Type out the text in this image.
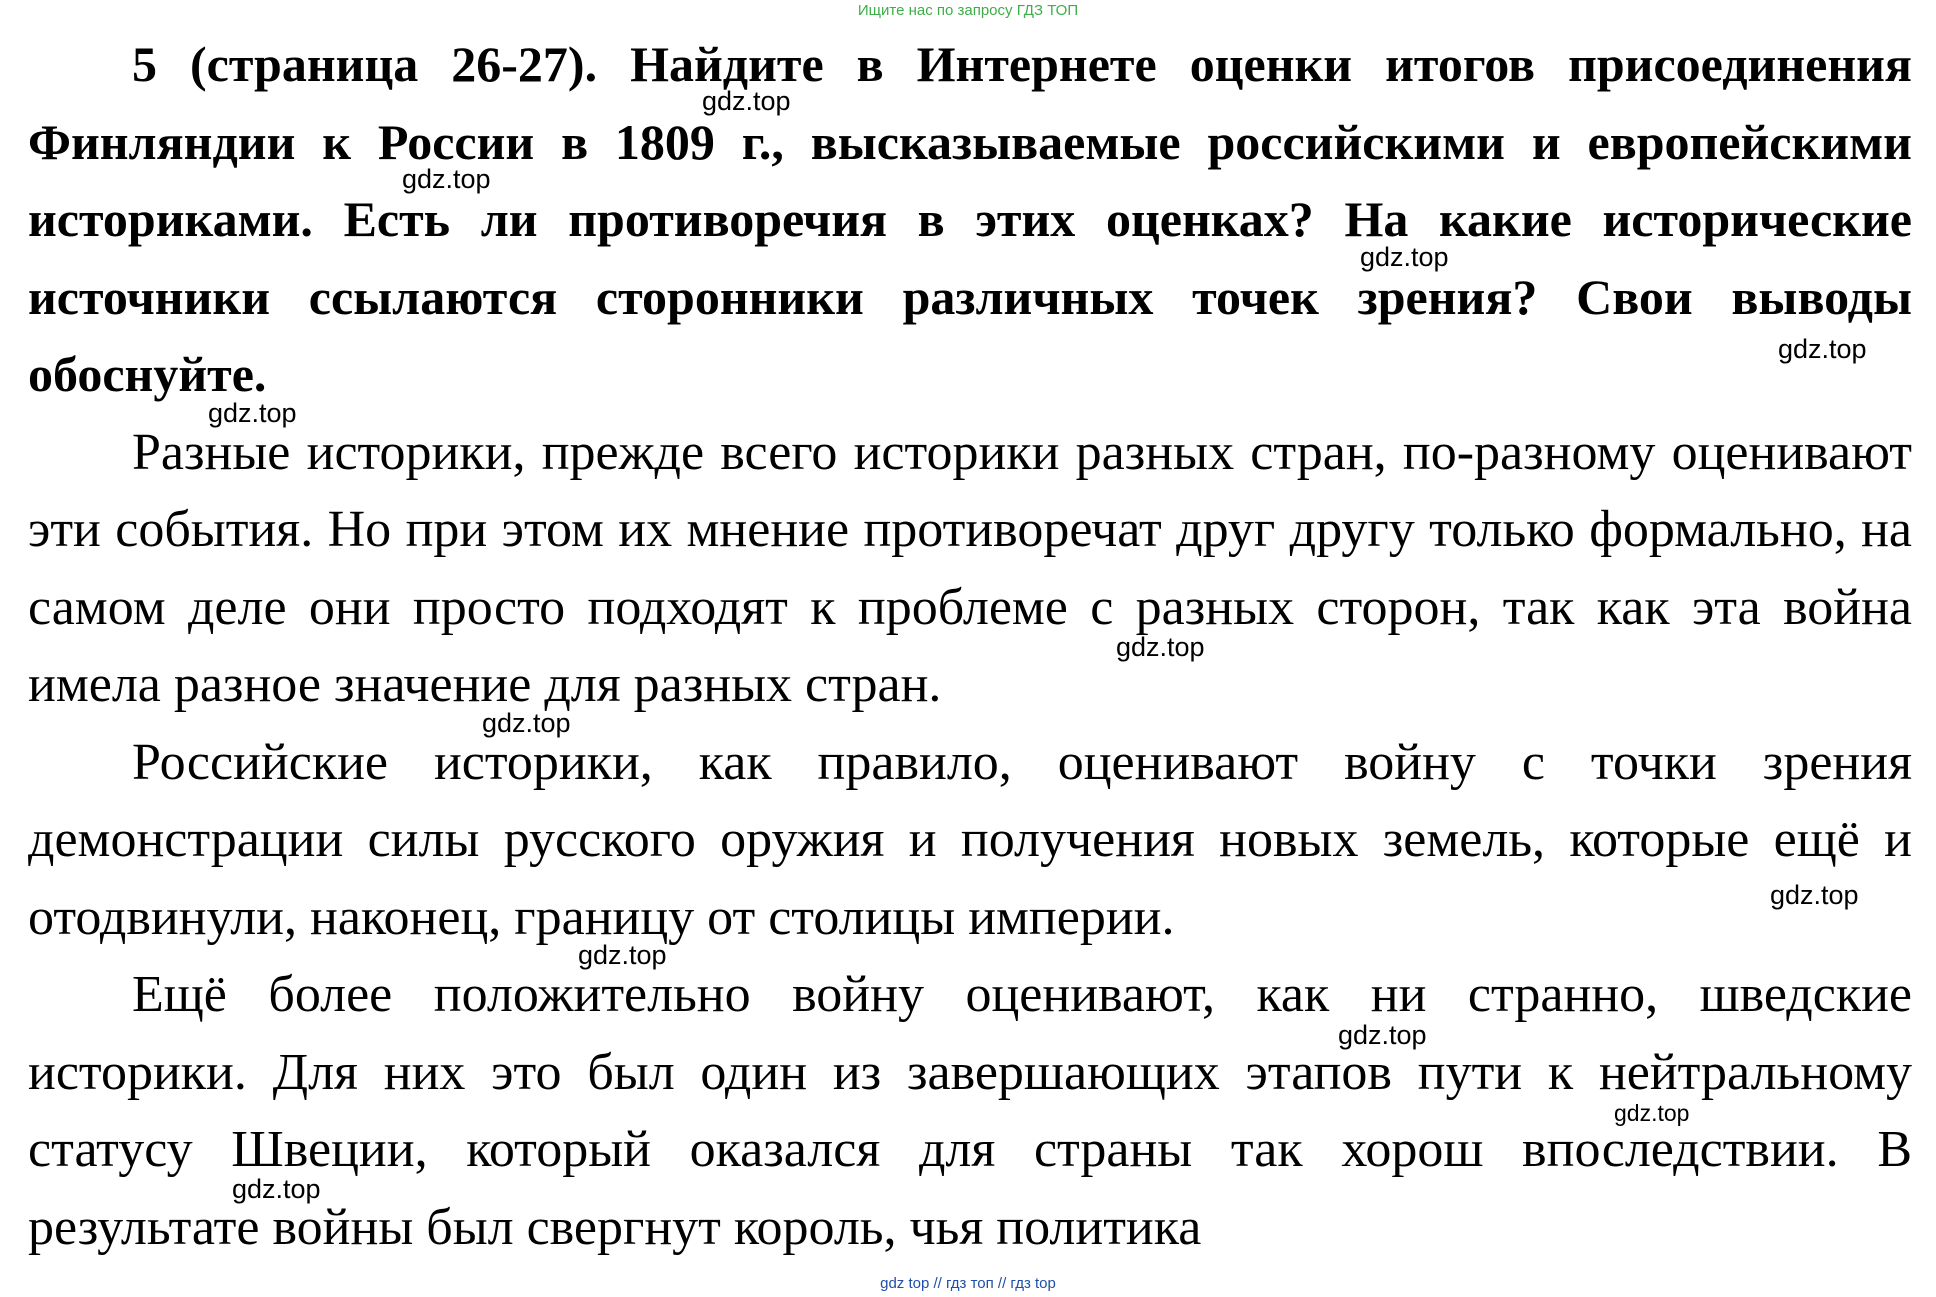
Ищите нас по запросу ГДЗ ТОП

5 (страница 26-27). Найдите в Интернете оценки итогов присоединения Финляндии к России в 1809 г., высказываемые российскими и европейскими историками. Есть ли противоречия в этих оценках? На какие исторические источники ссылаются сторонники различных точек зрения? Свои выводы обоснуйте.

Разные историки, прежде всего историки разных стран, по-разному оценивают эти события. Но при этом их мнение противоречат друг другу только формально, на самом деле они просто подходят к проблеме с разных сторон, так как эта война имела разное значение для разных стран.

Российские историки, как правило, оценивают войну с точки зрения демонстрации силы русского оружия и получения новых земель, которые ещё и отодвинули, наконец, границу от столицы империи.

Ещё более положительно войну оценивают, как ни странно, шведские историки. Для них это был один из завершающих этапов пути к нейтральному статусу Швеции, который оказался для страны так хорош впоследствии. В результате войны был свергнут король, чья политика

gdz.top
gdz.top
gdz.top
gdz.top
gdz.top
gdz.top
gdz.top
gdz.top
gdz.top
gdz.top
gdz.top
gdz.top
gdz top // гдз топ // гдз top
